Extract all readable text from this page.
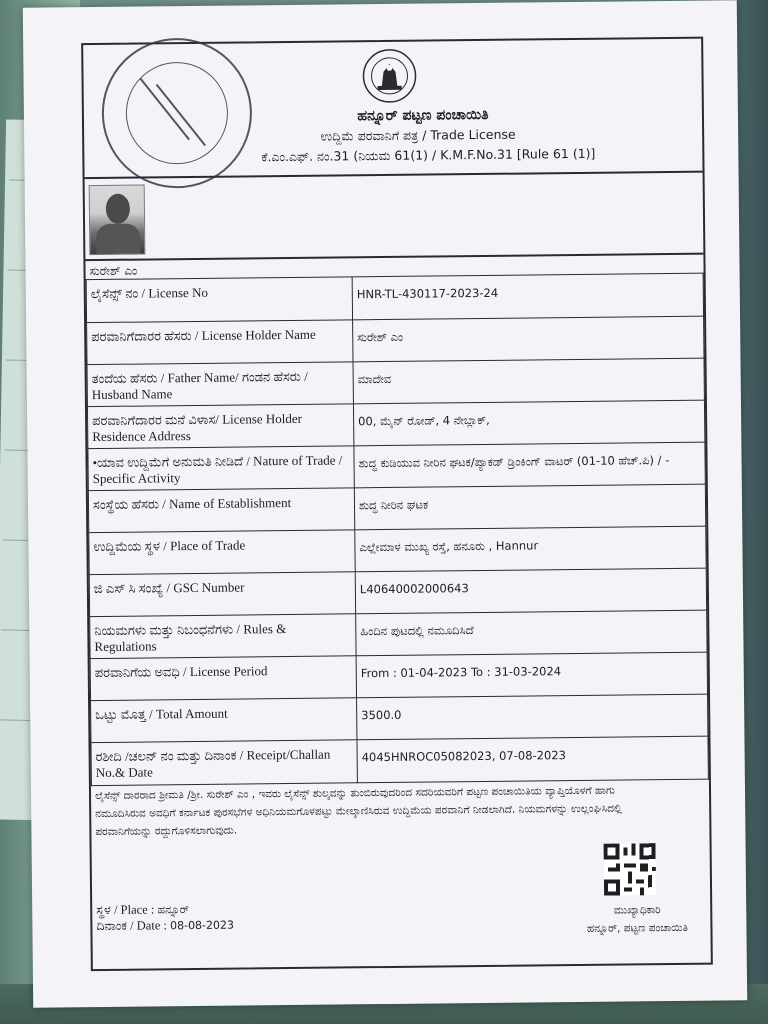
ಹನ್ನೂರ್ ಪಟ್ಟಣ ಪಂಚಾಯಿತಿ
ಉದ್ದಿಮೆ ಪರವಾನಿಗೆ ಪತ್ರ / Trade License
ಕೆ.ಎಂ.ಎಫ್. ನಂ.31 (ನಿಯಮ 61(1) / K.M.F.No.31 [Rule 61 (1)]
ಸುರೇಶ್ ಎಂ
ಲೈಸೆನ್ಸ್ ನಂ / License No	HNR-TL-430117-2023-24
ಪರವಾನಿಗೆದಾರರ ಹೆಸರು / License Holder Name	ಸುರೇಶ್ ಎಂ
ತಂದೆಯ ಹೆಸರು / Father Name/ ಗಂಡನ ಹೆಸರು / Husband Name	ಮಾದೇವ
ಪರವಾನಿಗೆದಾರರ ಮನೆ ವಿಳಾಸ/ License Holder Residence Address	00, ಮೈನ್ ರೋಡ್, 4 ನೇಬ್ಲಾಕ್,
•ಯಾವ ಉದ್ದಿಮೆಗೆ ಅನುಮತಿ ನೀಡಿದೆ / Nature of Trade / Specific Activity	ಶುದ್ಧ ಕುಡಿಯುವ ನೀರಿನ ಘಟಕ/ಪ್ಯಾಕಡ್ ಡ್ರಿಂಕಿಂಗ್ ವಾಟರ್ (01-10 ಹೆಚ್.ಪಿ) / -
ಸಂಸ್ಥೆಯ ಹೆಸರು / Name of Establishment	ಶುದ್ಧ ನೀರಿನ ಘಟಕ
ಉದ್ದಿಮೆಯ ಸ್ಥಳ / Place of Trade	ಎಲ್ಲೇಮಾಳ ಮುಖ್ಯ ರಸ್ತೆ, ಹನೂರು , Hannur
ಜಿ ಎಸ್ ಸಿ ಸಂಖ್ಯೆ / GSC Number	L40640002000643
ನಿಯಮಗಳು ಮತ್ತು ನಿಬಂಧನೆಗಳು / Rules & Regulations	ಹಿಂದಿನ ಪುಟದಲ್ಲಿ ನಮೂದಿಸಿದೆ
ಪರವಾನಿಗೆಯ ಅವಧಿ / License Period	From : 01-04-2023 To : 31-03-2024
ಒಟ್ಟು ಮೊತ್ತ / Total Amount	3500.0
ರಶೀದಿ /ಚಲನ್ ನಂ ಮತ್ತು ದಿನಾಂಕ / Receipt/Challan No.& Date	4045HNROC05082023, 07-08-2023
ಲೈಸೆನ್ಸ್ ದಾರರಾದ ಶ್ರೀಮತಿ /ಶ್ರೀ. ಸುರೇಶ್ ಎಂ , ಇವರು ಲೈಸೆನ್ಸ್ ಶುಲ್ಕವನ್ನು ತುಂಬಿರುವುದರಿಂದ ಸದರಿಯವರಿಗೆ ಪಟ್ಟಣ ಪಂಚಾಯಿತಿಯ ವ್ಯಾಪ್ತಿಯೊಳಗೆ ಹಾಗು ನಮೂದಿಸಿರುವ ಅವಧಿಗೆ ಕರ್ನಾಟಕ ಪುರಸಭೆಗಳ ಅಧಿನಿಯಮಗೊಳಪಟ್ಟು ಮೇಲ್ಕಾಣಿಸಿರುವ ಉದ್ದಿಮೆಯ ಪರವಾನಿಗೆ ನೀಡಲಾಗಿದೆ. ನಿಯಮಗಳನ್ನು ಉಲ್ಲಂಘಿಸಿದಲ್ಲಿ ಪರವಾನಿಗೆಯನ್ನು ರದ್ದುಗೊಳಿಸಲಾಗುವುದು.
ಸ್ಥಳ / Place : ಹನ್ನೂರ್
ದಿನಾಂಕ / Date : 08-08-2023
ಮುಖ್ಯಾಧಿಕಾರಿ
ಹನ್ನೂರ್, ಪಟ್ಟಣ ಪಂಚಾಯಿತಿ
